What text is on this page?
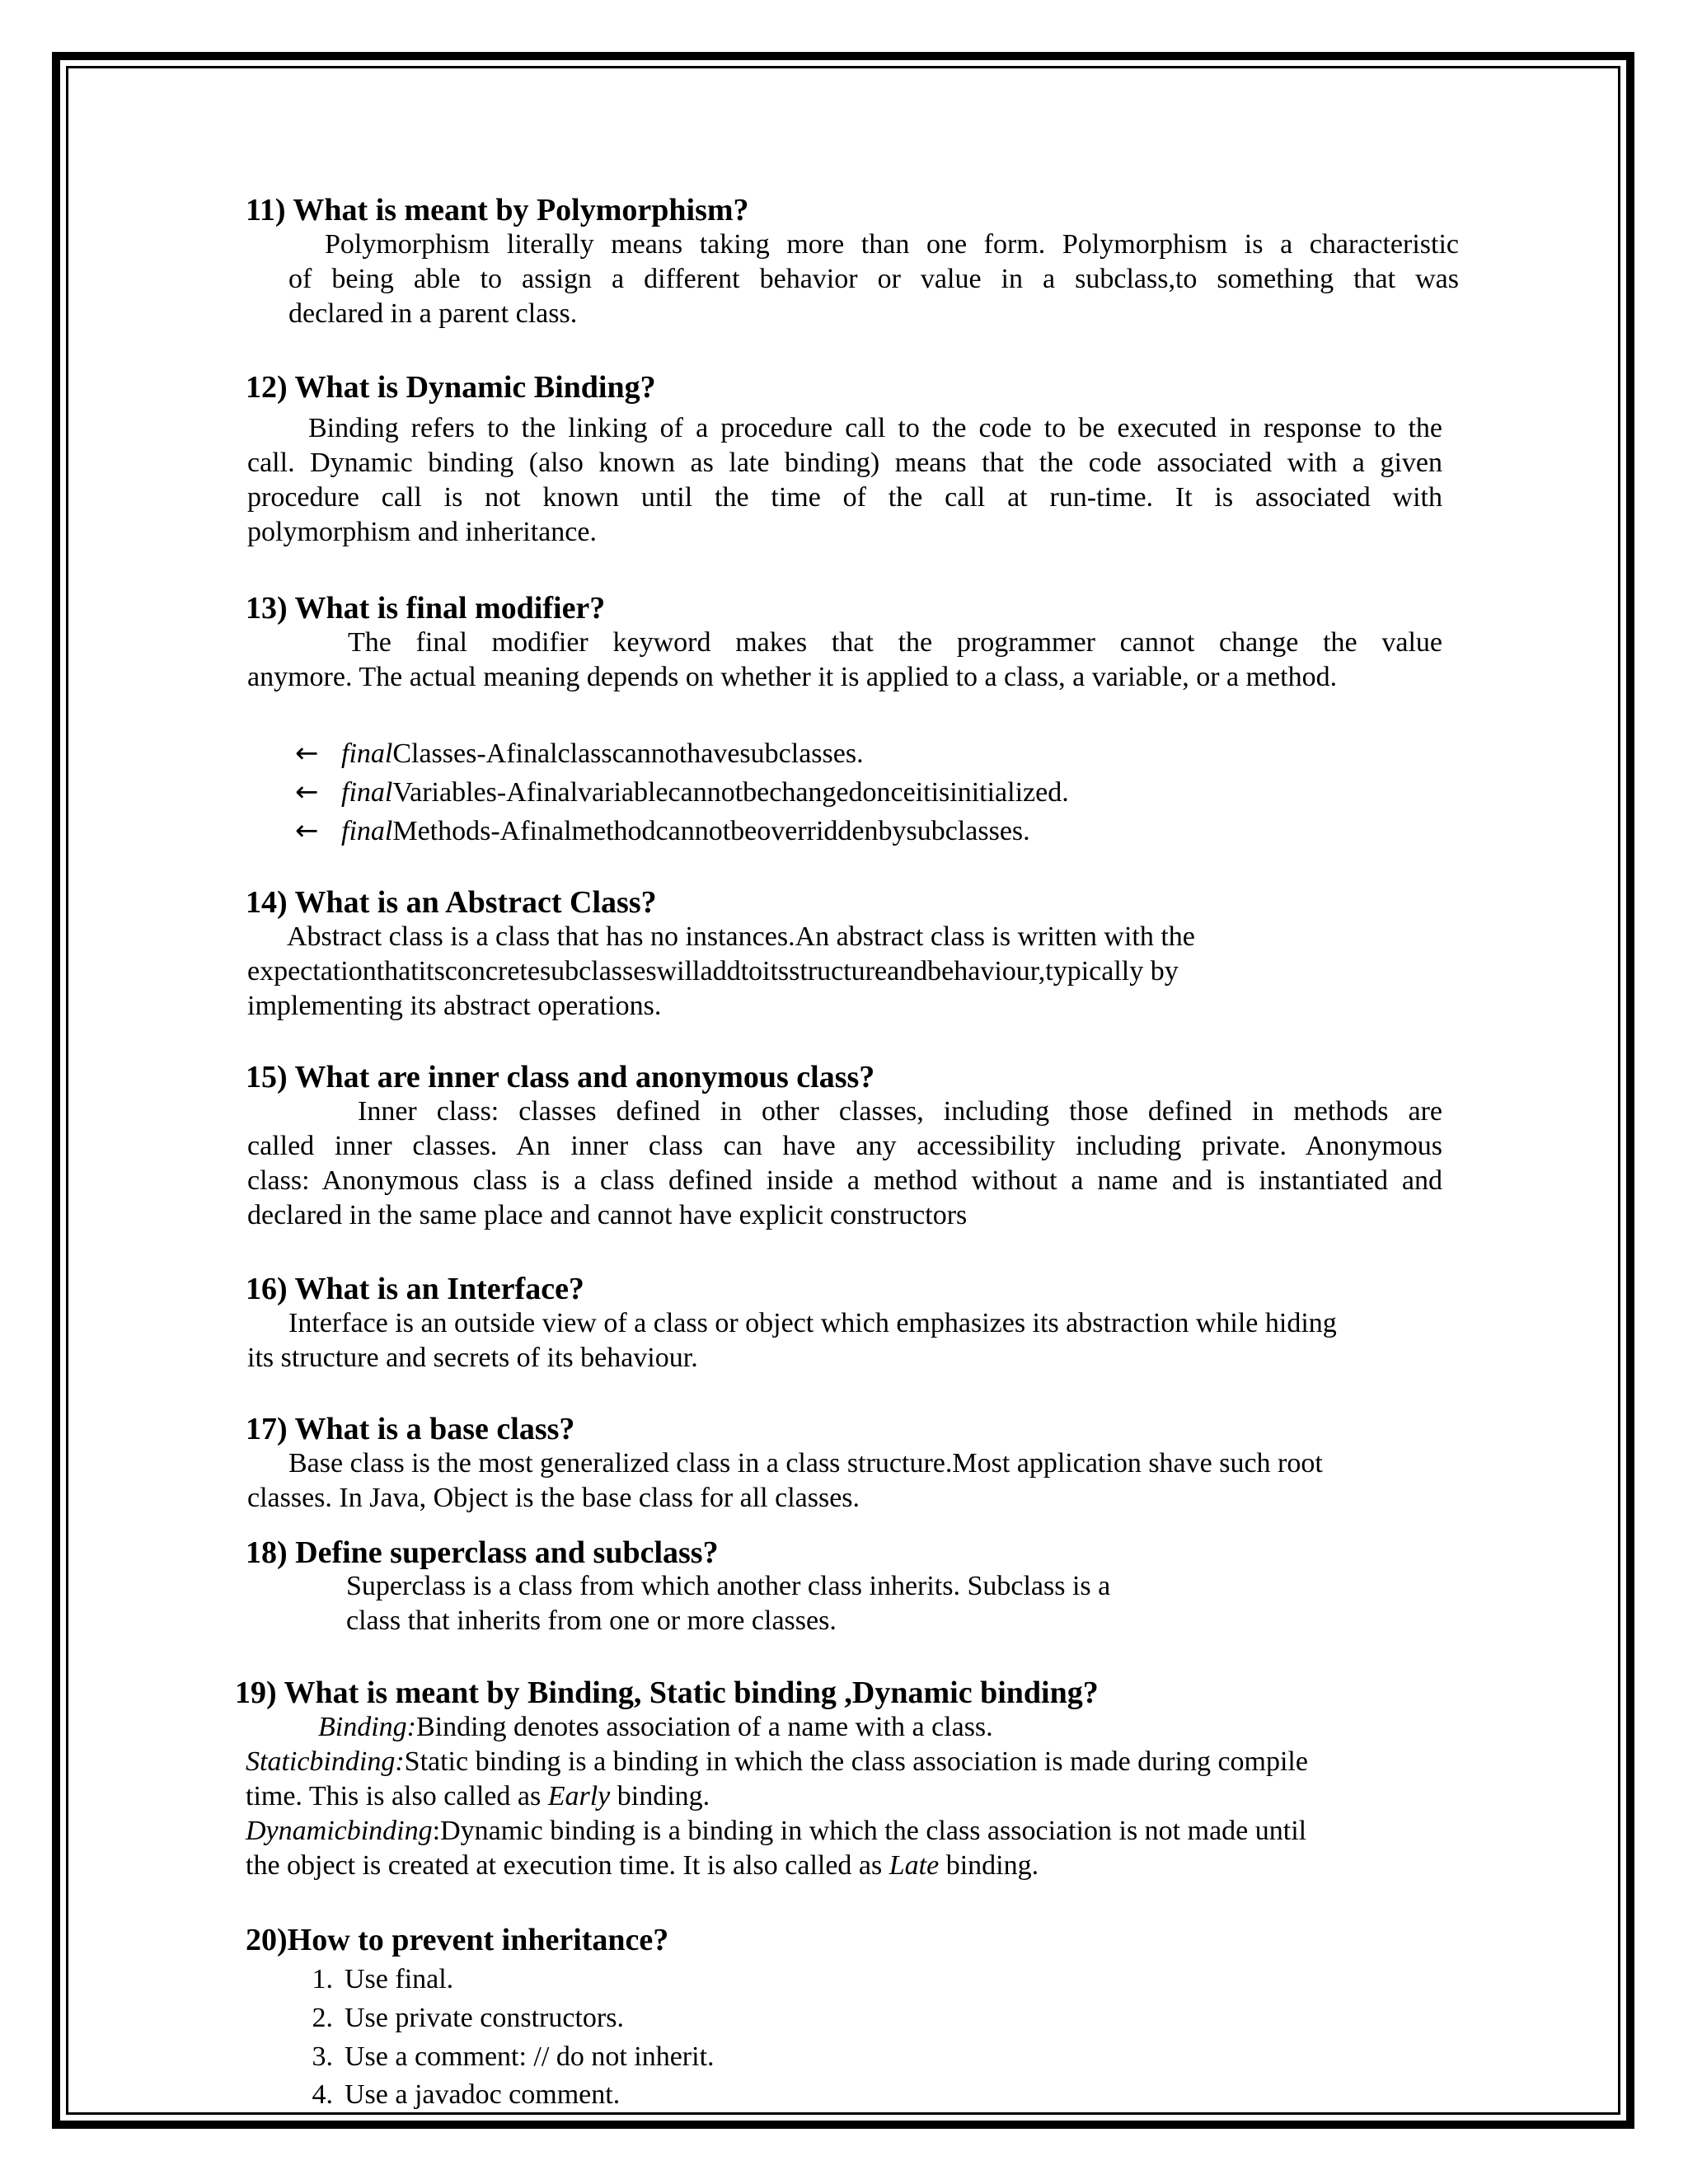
11) What is meant by Polymorphism?
Polymorphism literally means taking more than one form. Polymorphism is a characteristic
of being able to assign a different behavior or value in a subclass,to something that was
declared in a parent class.
12) What is Dynamic Binding?
Binding refers to the linking of a procedure call to the code to be executed in response to the
call. Dynamic binding (also known as late binding) means that the code associated with a given
procedure call is not known until the time of the call at run-time. It is associated with
polymorphism and inheritance.
13) What is final modifier?
The final modifier keyword makes that the programmer cannot change the value
anymore. The actual meaning depends on whether it is applied to a class, a variable, or a method.
← finalClasses-Afinalclasscannothavesubclasses.
← finalVariables-Afinalvariablecannotbechangedonceitisinitialized.
← finalMethods-Afinalmethodcannotbeoverriddenbysubclasses.
14) What is an Abstract Class?
Abstract class is a class that has no instances.An abstract class is written with the
expectationthatitsconcretesubclasseswilladdtoitsstructureandbehaviour,typically by
implementing its abstract operations.
15) What are inner class and anonymous class?
Inner class: classes defined in other classes, including those defined in methods are
called inner classes. An inner class can have any accessibility including private. Anonymous
class: Anonymous class is a class defined inside a method without a name and is instantiated and
declared in the same place and cannot have explicit constructors
16) What is an Interface?
Interface is an outside view of a class or object which emphasizes its abstraction while hiding
its structure and secrets of its behaviour.
17) What is a base class?
Base class is the most generalized class in a class structure.Most application shave such root
classes. In Java, Object is the base class for all classes.
18) Define superclass and subclass?
Superclass is a class from which another class inherits. Subclass is a
class that inherits from one or more classes.
19) What is meant by Binding, Static binding ,Dynamic binding?
Binding:Binding denotes association of a name with a class.
Staticbinding:Static binding is a binding in which the class association is made during compile
time. This is also called as Early binding.
Dynamicbinding:Dynamic binding is a binding in which the class association is not made until
the object is created at execution time. It is also called as Late binding.
20)How to prevent inheritance?
1. Use final.
2. Use private constructors.
3. Use a comment: // do not inherit.
4. Use a javadoc comment.
